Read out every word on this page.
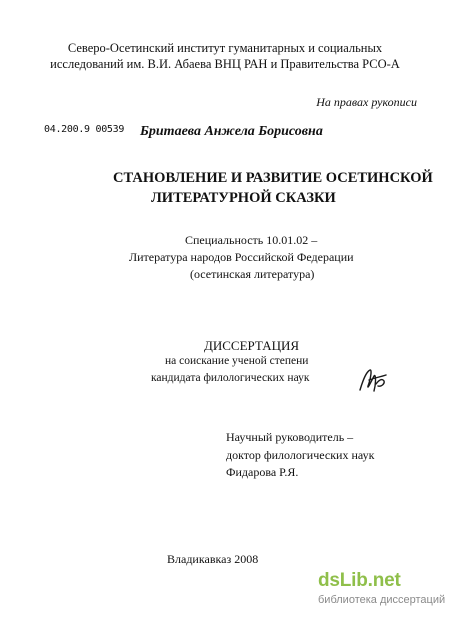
Северо-Осетинский институт гуманитарных и социальных
исследований им. В.И. Абаева ВНЦ РАН и Правительства РСО-А
На правах рукописи
04.200.9 00539 Бритаева Анжела Борисовна
СТАНОВЛЕНИЕ И РАЗВИТИЕ ОСЕТИНСКОЙ
ЛИТЕРАТУРНОЙ СКАЗКИ
Специальность 10.01.02 –
Литература народов Российской Федерации
(осетинская литература)
ДИССЕРТАЦИЯ
на соискание ученой степени
кандидата филологических наук
Научный руководитель –
доктор филологических наук
Фидарова Р.Я.
Владикавказ 2008
dsLib.net
библиотека диссертаций
